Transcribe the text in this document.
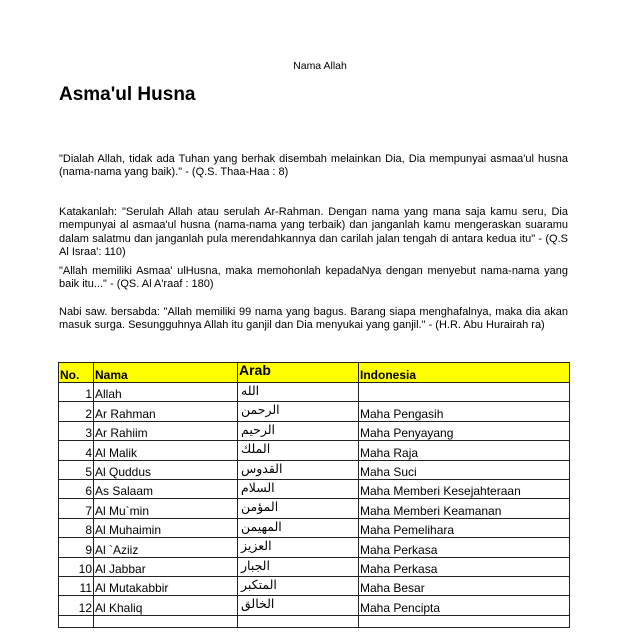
Nama Allah
Asma'ul Husna
"Dialah Allah, tidak ada Tuhan yang berhak disembah melainkan Dia, Dia mempunyai asmaa'ul husna (nama-nama yang baik)." - (Q.S. Thaa-Haa : 8)
Katakanlah: "Serulah Allah atau serulah Ar-Rahman. Dengan nama yang mana saja kamu seru, Dia mempunyai al asmaa'ul husna (nama-nama yang terbaik) dan janganlah kamu mengeraskan suaramu dalam salatmu dan janganlah pula merendahkannya dan carilah jalan tengah di antara kedua itu" - (Q.S Al Israa': 110)
"Allah memiliki Asmaa' ulHusna, maka memohonlah kepadaNya dengan menyebut nama-nama yang baik itu..." - (QS. Al A'raaf : 180)
Nabi saw. bersabda: "Allah memiliki 99 nama yang bagus. Barang siapa menghafalnya, maka dia akan masuk surga. Sesungguhnya Allah itu ganjil dan Dia menyukai yang ganjil." - (H.R. Abu Hurairah ra)
No.	Nama	Arab	Indonesia
1	Allah	الله	
2	Ar Rahman	الرحمن	Maha Pengasih
3	Ar Rahiim	الرحيم	Maha Penyayang
4	Al Malik	الملك	Maha Raja
5	Al Quddus	القدوس	Maha Suci
6	As Salaam	السلام	Maha Memberi Kesejahteraan
7	Al Mu`min	المؤمن	Maha Memberi Keamanan
8	Al Muhaimin	المهيمن	Maha Pemelihara
9	Al `Aziiz	العزيز	Maha Perkasa
10	Al Jabbar	الجبار	Maha Perkasa
11	Al Mutakabbir	المتكبر	Maha Besar
12	Al Khaliq	الخالق	Maha Pencipta
